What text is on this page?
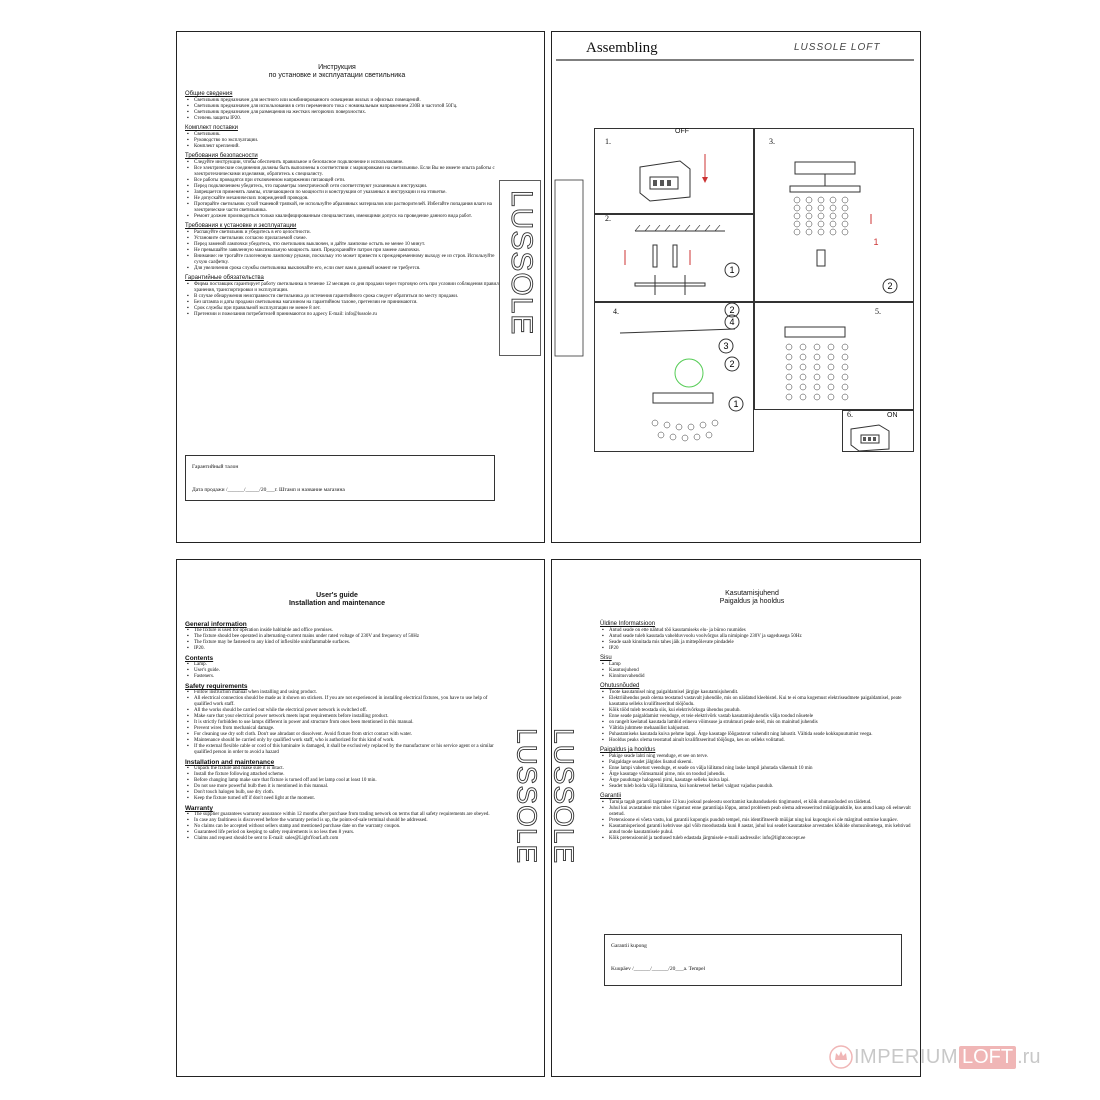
Инструкция
по установке и эксплуатации светильника
Общие сведения
▪ Светильник предназначен для местного или комбинированного освещения жилых и офисных помещений.
▪ Светильник предназначен для использования в сети переменного тока с номинальным напряжением 230В и частотой 50Гц.
▪ Светильник предназначен для размещения на жестких негорючих поверхностях.
▪ Степень защиты IP20.
Комплект поставки
▪ Светильник.
▪ Руководство по эксплуатации.
▪ Комплект креплений.
Требования безопасности
▪ Следуйте инструкции, чтобы обеспечить правильное и безопасное подключение и использование.
▪ Все электрические соединения должны быть выполнены в соответствии с маркировками на светильнике. Если Вы не имеете опыта работы с электротехническими изделиями, обратитесь к специалисту.
▪ Все работы проводятся при отключенном напряжении питающей сети.
▪ Перед подключением убедитесь, что параметры электрической сети соответствуют указанным в инструкции.
▪ Запрещается применять лампы, отличающиеся по мощности и конструкции от указанных в инструкции и на этикетке.
▪ Не допускайте механических повреждений проводов.
▪ Протирайте светильник сухой тканевой тряпкой, не используйте абразивных материалов или растворителей. Избегайте попадания влаги на электрические части светильника.
▪ Ремонт должен производиться только квалифицированным специалистами, имеющими допуск на проведение данного вида работ.
Требования к установке и эксплуатации
▪ Распакуйте светильник и убедитесь в его целостности.
▪ Установите светильник согласно прилагаемой схеме.
▪ Перед заменой лампочки убедитесь, что светильник выключен, и дайте лампочке остыть не менее 10 минут.
▪ Не превышайте заявленную максимальную мощность ламп. Предохраняйте патрон при замене лампочки.
▪ Внимание: не трогайте галогеновую лампочку руками, поскольку это может привести к преждевременному выходу ее из строя. Используйте сухую салфетку.
▪ Для увеличения срока службы светильника выключайте его, если свет вам в данный момент не требуется.
Гарантийные обязательства
▪ Фирма поставщик гарантирует работу светильника в течение 12 месяцев со дня продажи через торговую сеть при условии соблюдения правил хранения, транспортировки и эксплуатации.
▪ В случае обнаружения неисправности светильника до истечения гарантийного срока следует обратиться по месту продажи.
▪ Без штампа и даты продажи светильника магазином на гарантийном талоне, претензии не принимаются.
▪ Срок службы при правильной эксплуатации не менее 8 лет.
▪ Претензии и пожелания потребителей принимаются по адресу E-mail: info@lussole.ru
Гарантийный талон
Дата продажи /______/_____/20___г. Штамп и название магазина
LUSSOLE
Assembling	LUSSOLE LOFT
1.
OFF
2.
1
2
3.
2
1
4.
4
3
2
1
5.
6.	ON
User's guide
Installation and maintenance
General information
▪ The fixture is used for operation inside habitable and office premises.
▪ The fixture should bee operated in alternating-current mains under rated voltage of 230V and frequency of 50Hz
▪ The fixture may be fastened to any kind of inflexible uninflammable surfaces.
▪ IP20.
Contents
▪ Lamp.
▪ User's guide.
▪ Fasteners.
Safety requirements
▪ Follow instruction manual when installing and using product.
▪ All electrical connection should be made as it shown on stickers. If you are not experienced in installing electrical fixtures, you have to use help of qualified work staff.
▪ All the works should be carried out while the electrical power network is switched off.
▪ Make sure that your electrical power network meets input requirements before installing product.
▪ It is strictly forbidden to use lamps different in power and structure from ones been mentioned in this manual.
▪ Prevent wires from mechanical damage.
▪ For cleaning use dry soft cloth. Don't use abradant or dissolvent. Avoid fixture from strict contact with water.
▪ Maintenance should be carried only by qualified work staff, who is authorized for this kind of work.
▪ If the external flexible cable or cord of this luminaire is damaged, it shall be exclusively replaced by the manufacturer or his service agent or a similar qualified person in order to avoid a hazard
Installation and maintenance
▪ Unpack the fixture and make sure it is intact.
▪ Install the fixture following attached scheme.
▪ Before changing lamp make sure that fixture is turned off and let lamp cool at least 10 min.
▪ Do not use more powerful bulb then it is mentioned in this manual.
▪ Don't touch halogen bulb, use dry cloth.
▪ Keep the fixture turned off if don't need light at the moment.
Warranty
▪ The supplier guarantees warranty assurance within 12 months after purchase from trading network on terms that all safety requirements are obeyed.
▪ In case any faultiness is discovered before the warranty period is up, the points-of-sale terminal should be addressed.
▪ No claims can be accepted without sellers stamp and mentioned purchase date on the warranty coupon.
▪ Guaranteed life period on keeping to safety requirements is no less then 8 years.
▪ Claims and request should be sent to E-mail: sales@LightYourLoft.com	LUSSOLE
Kasutamisjuhend
Paigaldus ja hooldus
Üldine Informatsioon
▪ Antud seade on ette nähtud töö kasutamiseks elu- ja büroo ruumides
▪ Antud seade tuleb kasutada vahelduvvoolu voolvõrgus alla nimipinge 230V ja sagedusega 50Hz
▪ Seade saab kinnitada mis tahes jäik ja mittepõlevate pindadele
▪ IP20
Sisu
▪ Lamp
▪ Kasutusjuhend
▪ Kinnitusvahendid
Ohutusnõuded
▪ Toote kasutamisel ning paigaldamisel järgige kasutamisjuhendit.
▪ Elektriühendus peab olema teostatud vastavalt juhendile, mis on näidatud kleebistel. Kui te ei oma kogemust elektriseadmete paigaldamisel, peate kasutama selleks kvalifitseeritud tööjõudu.
▪ Kõik tööd tuleb teostada siis, kui elektrivõrkuga ühendus puudub.
▪ Enne seade paigaldamist veenduge, et teie elektrivõrk vastab kasutamisjuhendis välja toodud nõuetele
▪ on rangelt keelatud kasutada lambid erineva võimsuse ja struktuuri peale neid, mis on mainitud juhendis
▪ Vältida juhtmete mehaanilist kahjustust.
▪ Puhastamiseks kasutada kuiva pehme lappi. Ärge kasutage lõõgastavat vahendit ning lahustit. Vältida seade kokkupuutumist veega.
▪ Hooldus peaks olema teostatud ainult kvalifitseeritud tööjõuga, kes on selleks volitatud.
Paigaldus ja hooldus
▪ Pakige seade lahti ning veenduge, et see on terve.
▪ Paigaldage seadet jälgides lisatud skeemi.
▪ Enne lampi vahetust veenduge, et seade on välja lülitatud ning laske lampil jahutada vähemalt 10 min
▪ Ärge kasutage võimsamaid pirne, mis on toodud juhendis.
▪ Ärge puudutage halogeeni pirni, kasutage selleks kuiva lapi.
▪ Seadet tuleb hoida välja lülitatuna, kui konkreetsel hetkel valgust vajadus puudub.
Garantii
▪ Tarnija tagab garantii tagamise 12 kuu jooksul pealeostu sooritamist kaubandusketis tingimustel, et kõik ohutusnõuded on täidetud.
▪ Juhul kui avastatakse mis tahes vigastust enne garantiiaja lõppu, antud probleem peab olema adresseeritud müügipunktile, kus antud kaup oli eelnevalt ostetud.
▪ Pretensioone ei võeta vastu, kui garantii kupongis puudub tempel, mis identifitseerib müüjat ning kui kupongis ei ole märgitud ostmise kuupäev.
▪ Kasutamisperiood garantii kehtivuse ajal võib moodustada kuni 8 aastat, juhul kui seadet kasutatakse arvestades kõikide ohutusnõuetega, mis kehtivad antud toode kasutamisele puhul.
▪ Kõik pretensioonid ja taotlused tuleb edastada järgmisele e-maili aadressile: info@lightconcept.ee
Garantii kupong
Kuupäev /______/______/20___a. Tempel
LUSSOLE
IMPERIUM LOFT .ru
